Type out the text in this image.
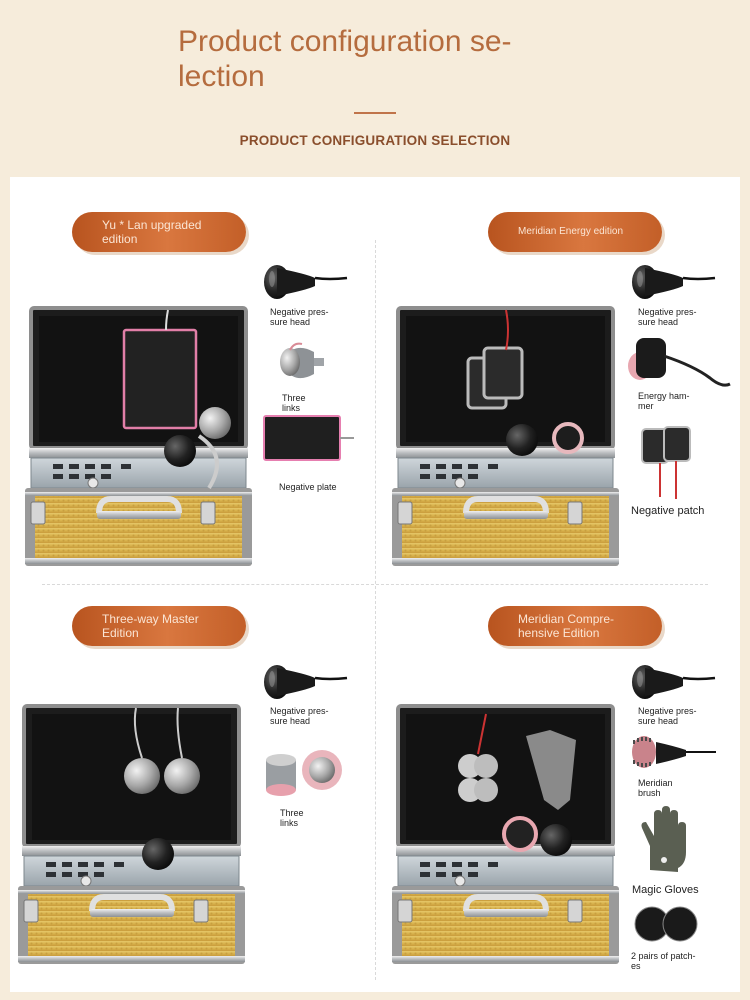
Product configuration se-
lection
PRODUCT CONFIGURATION SELECTION
Yu * Lan upgraded
edition
Negative pres-
sure head
Three
links
Negative plate
Meridian Energy edition
Negative pres-
sure head
Energy ham-
mer
Negative patch
Three-way Master
Edition
Negative pres-
sure head
Three
links
Meridian Compre-
hensive Edition
Negative pres-
sure head
Meridian
brush
Magic Gloves
2 pairs of patch-
es
